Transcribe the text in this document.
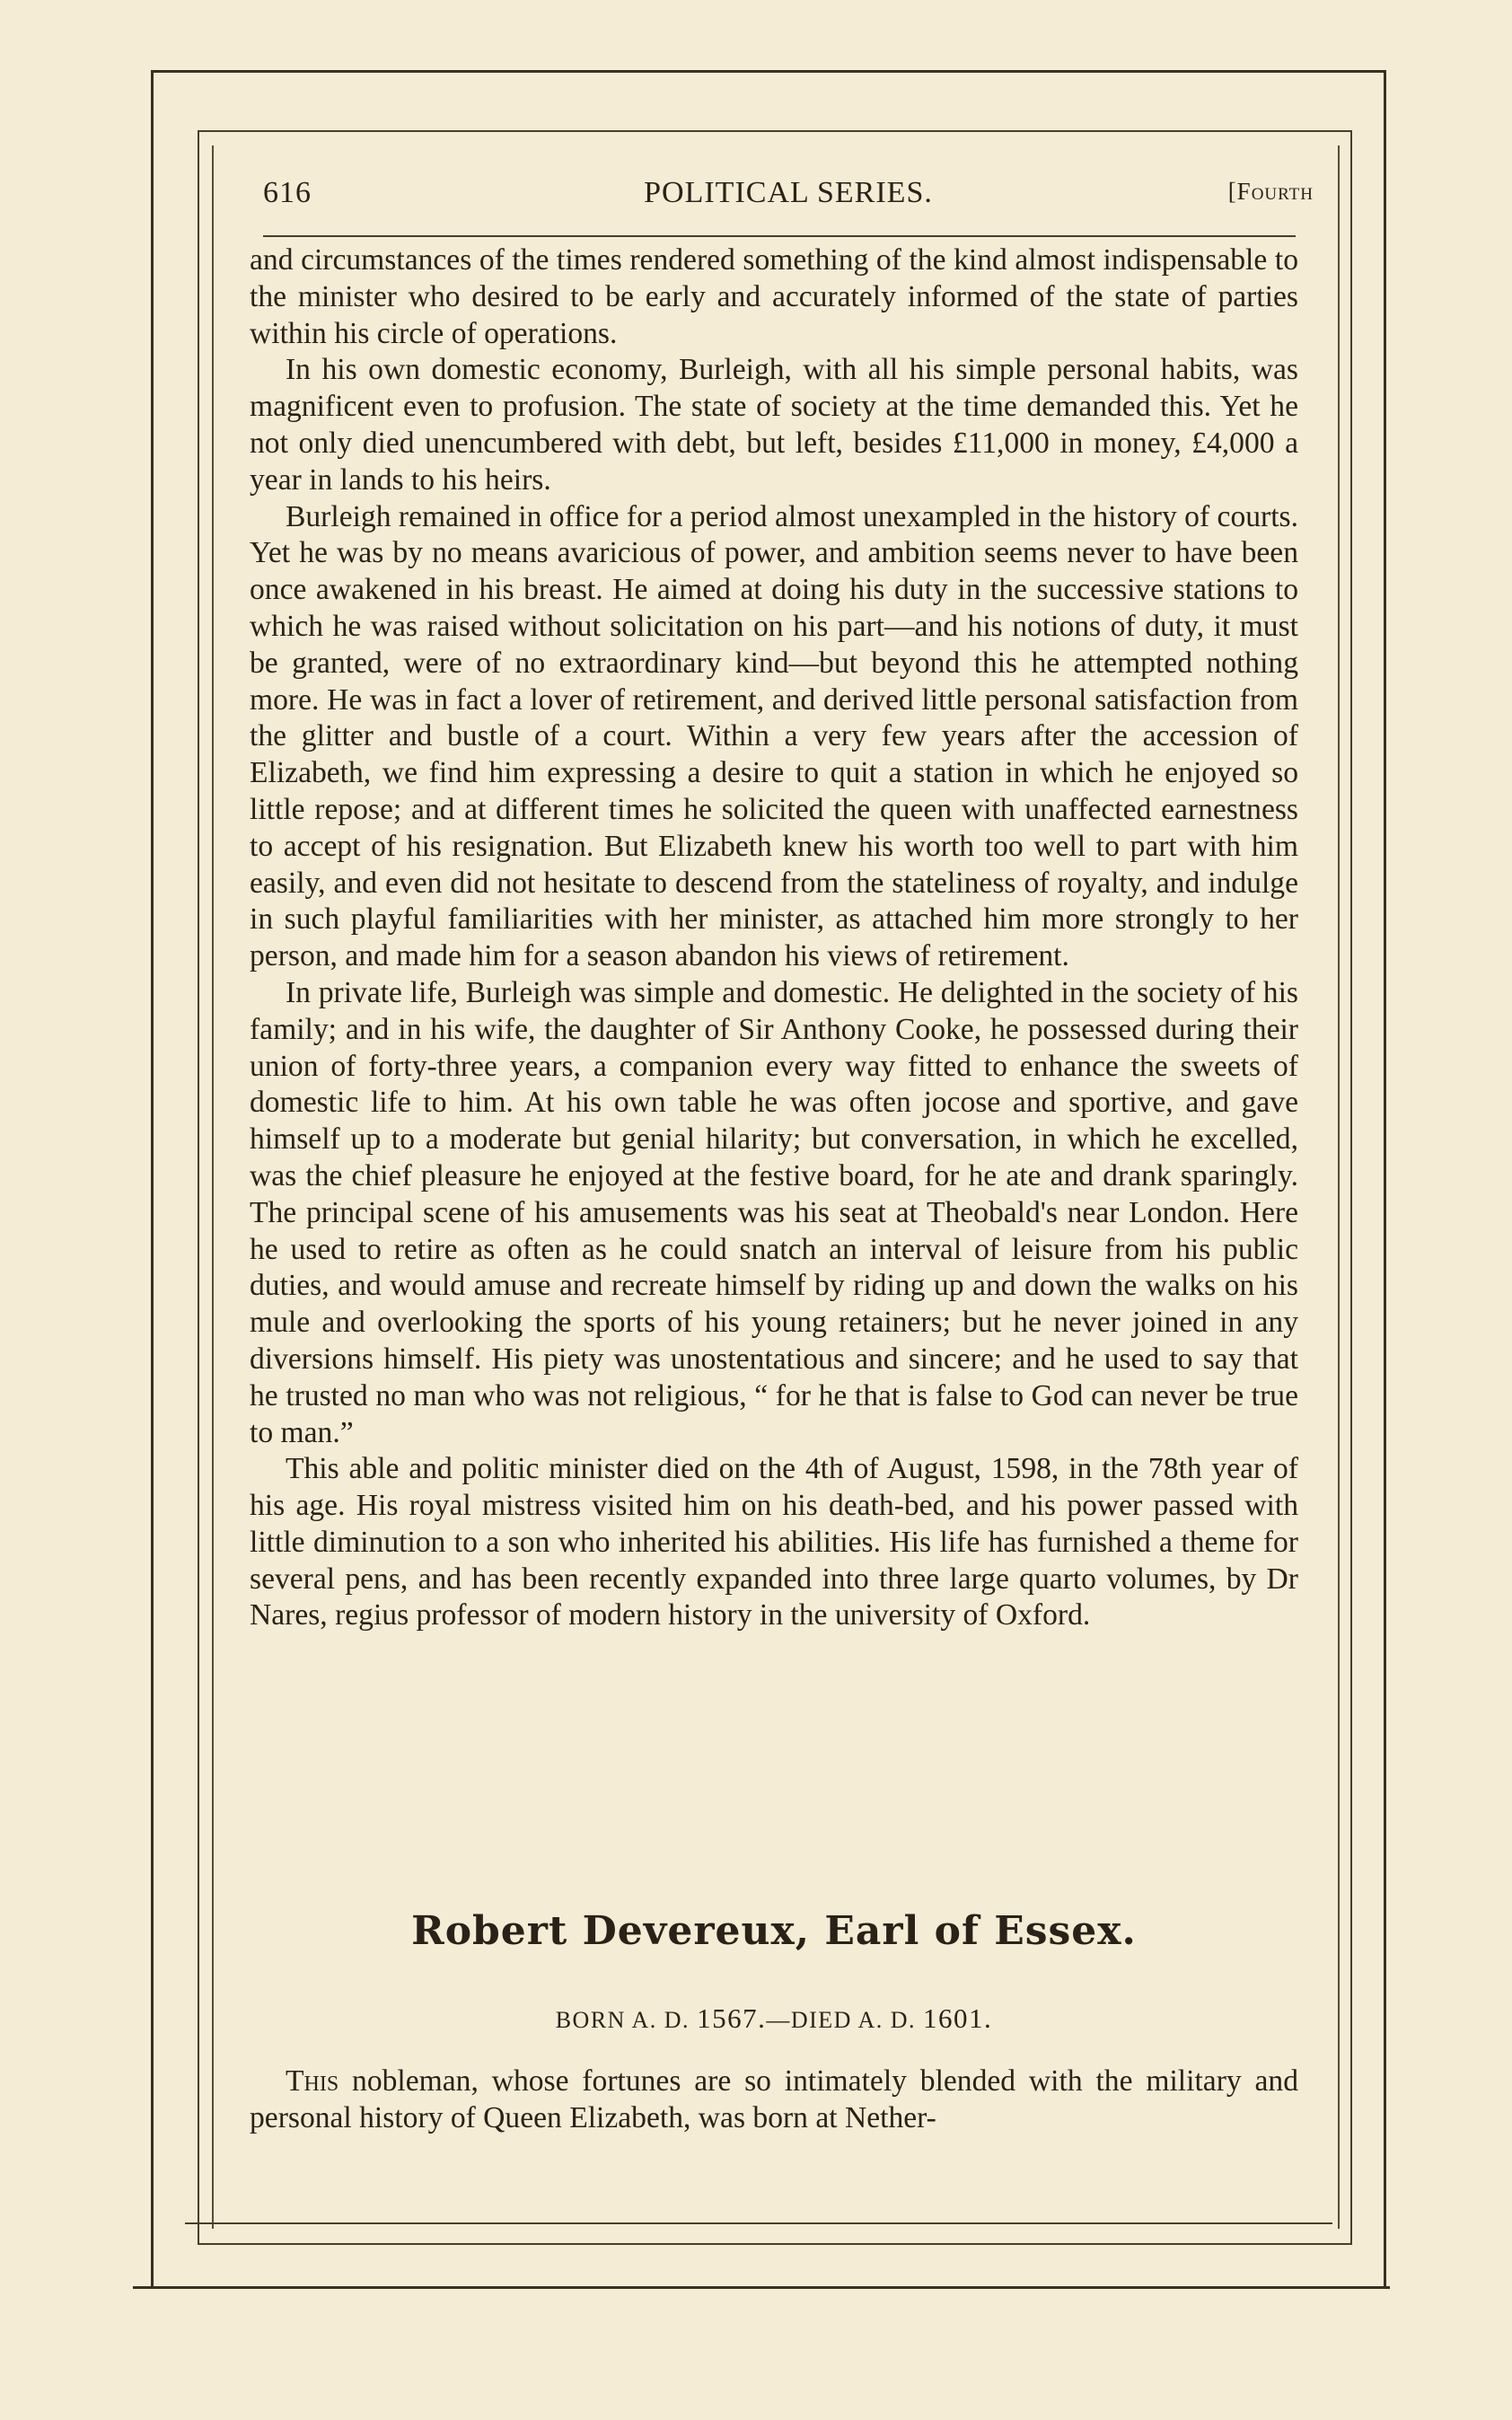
616	POLITICAL SERIES.	[Fourth

and circumstances of the times rendered something of the kind almost indispensable to the minister who desired to be early and accurately informed of the state of parties within his circle of operations.

In his own domestic economy, Burleigh, with all his simple personal habits, was magnificent even to profusion. The state of society at the time demanded this. Yet he not only died unencumbered with debt, but left, besides £11,000 in money, £4,000 a year in lands to his heirs.

Burleigh remained in office for a period almost unexampled in the history of courts. Yet he was by no means avaricious of power, and ambition seems never to have been once awakened in his breast. He aimed at doing his duty in the successive stations to which he was raised without solicitation on his part—and his notions of duty, it must be granted, were of no extraordinary kind—but beyond this he attempted nothing more. He was in fact a lover of retirement, and derived little personal satisfaction from the glitter and bustle of a court. Within a very few years after the accession of Elizabeth, we find him expressing a desire to quit a station in which he enjoyed so little repose; and at different times he solicited the queen with unaffected earnestness to accept of his resignation. But Elizabeth knew his worth too well to part with him easily, and even did not hesitate to descend from the stateliness of royalty, and indulge in such playful familiarities with her minister, as attached him more strongly to her person, and made him for a season abandon his views of retirement.

In private life, Burleigh was simple and domestic. He delighted in the society of his family; and in his wife, the daughter of Sir Anthony Cooke, he possessed during their union of forty-three years, a companion every way fitted to enhance the sweets of domestic life to him. At his own table he was often jocose and sportive, and gave himself up to a moderate but genial hilarity; but conversation, in which he excelled, was the chief pleasure he enjoyed at the festive board, for he ate and drank sparingly. The principal scene of his amusements was his seat at Theobald's near London. Here he used to retire as often as he could snatch an interval of leisure from his public duties, and would amuse and recreate himself by riding up and down the walks on his mule and overlooking the sports of his young retainers; but he never joined in any diversions himself. His piety was unostentatious and sincere; and he used to say that he trusted no man who was not religious, “ for he that is false to God can never be true to man.”

This able and politic minister died on the 4th of August, 1598, in the 78th year of his age. His royal mistress visited him on his death-bed, and his power passed with little diminution to a son who inherited his abilities. His life has furnished a theme for several pens, and has been recently expanded into three large quarto volumes, by Dr Nares, regius professor of modern history in the university of Oxford.

Robert Devereux, Earl of Essex.
BORN A. D. 1567.—DIED A. D. 1601.

This nobleman, whose fortunes are so intimately blended with the military and personal history of Queen Elizabeth, was born at Nether-
